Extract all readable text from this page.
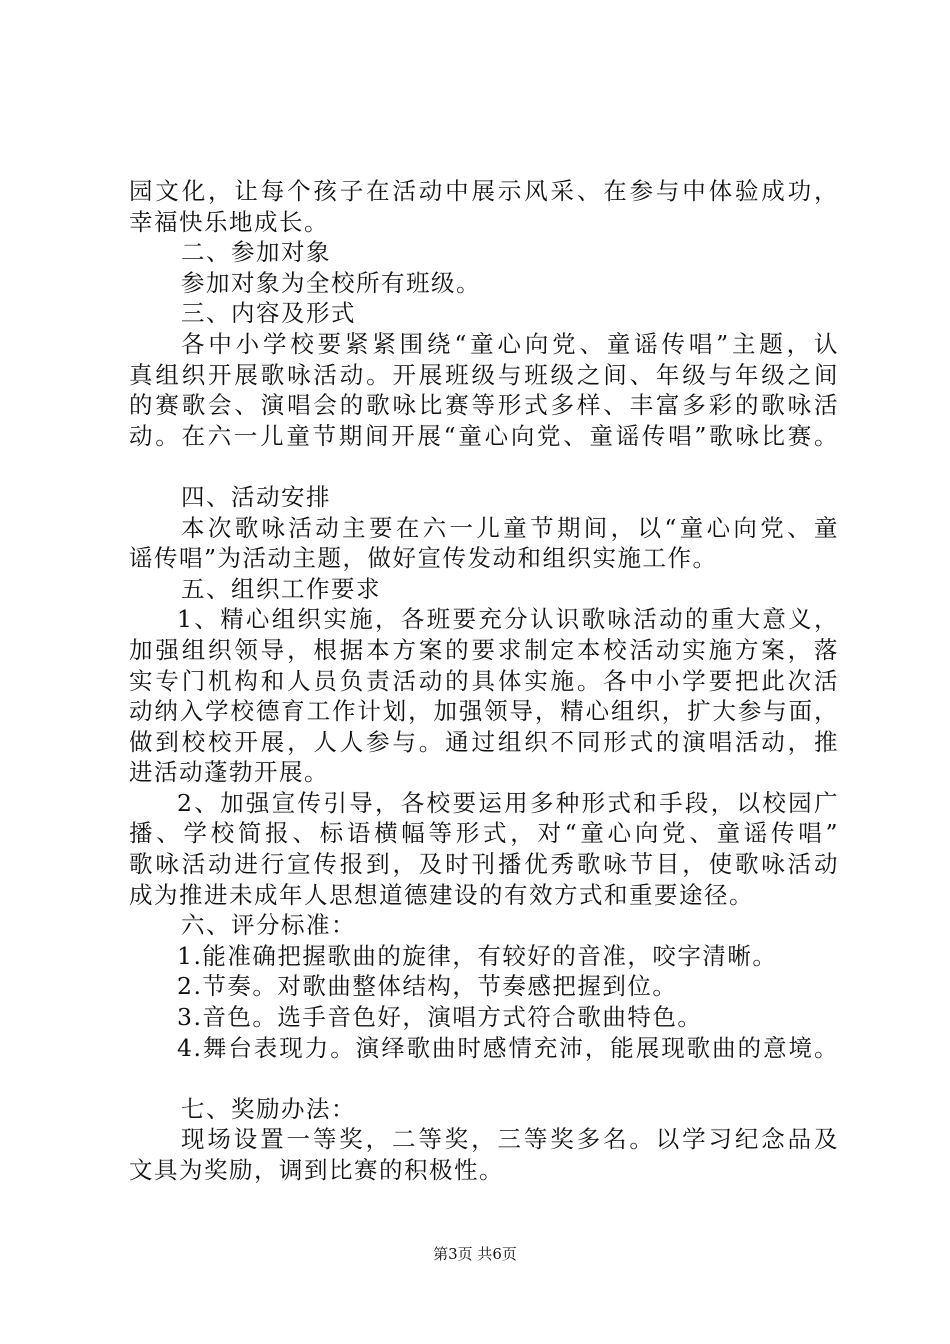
园文化，让每个孩子在活动中展示风采、在参与中体验成功，
幸福快乐地成长。
二、参加对象
参加对象为全校所有班级。
三、内容及形式
各中小学校要紧紧围绕“童心向党、童谣传唱”主题，认
真组织开展歌咏活动。开展班级与班级之间、年级与年级之间
的赛歌会、演唱会的歌咏比赛等形式多样、丰富多彩的歌咏活
动。在六一儿童节期间开展“童心向党、童谣传唱”歌咏比赛。
四、活动安排
本次歌咏活动主要在六一儿童节期间，以“童心向党、童
谣传唱”为活动主题，做好宣传发动和组织实施工作。
五、组织工作要求
1、精心组织实施，各班要充分认识歌咏活动的重大意义，
加强组织领导，根据本方案的要求制定本校活动实施方案，落
实专门机构和人员负责活动的具体实施。各中小学要把此次活
动纳入学校德育工作计划，加强领导，精心组织，扩大参与面，
做到校校开展，人人参与。通过组织不同形式的演唱活动，推
进活动蓬勃开展。
2、加强宣传引导，各校要运用多种形式和手段，以校园广
播、学校简报、标语横幅等形式，对“童心向党、童谣传唱”
歌咏活动进行宣传报到，及时刊播优秀歌咏节目，使歌咏活动
成为推进未成年人思想道德建设的有效方式和重要途径。
六、评分标准：
1.能准确把握歌曲的旋律，有较好的音准，咬字清晰。
2.节奏。对歌曲整体结构，节奏感把握到位。
3.音色。选手音色好，演唱方式符合歌曲特色。
4.舞台表现力。演绎歌曲时感情充沛，能展现歌曲的意境。
七、奖励办法：
现场设置一等奖，二等奖，三等奖多名。以学习纪念品及
文具为奖励，调到比赛的积极性。
第3页 共6页
